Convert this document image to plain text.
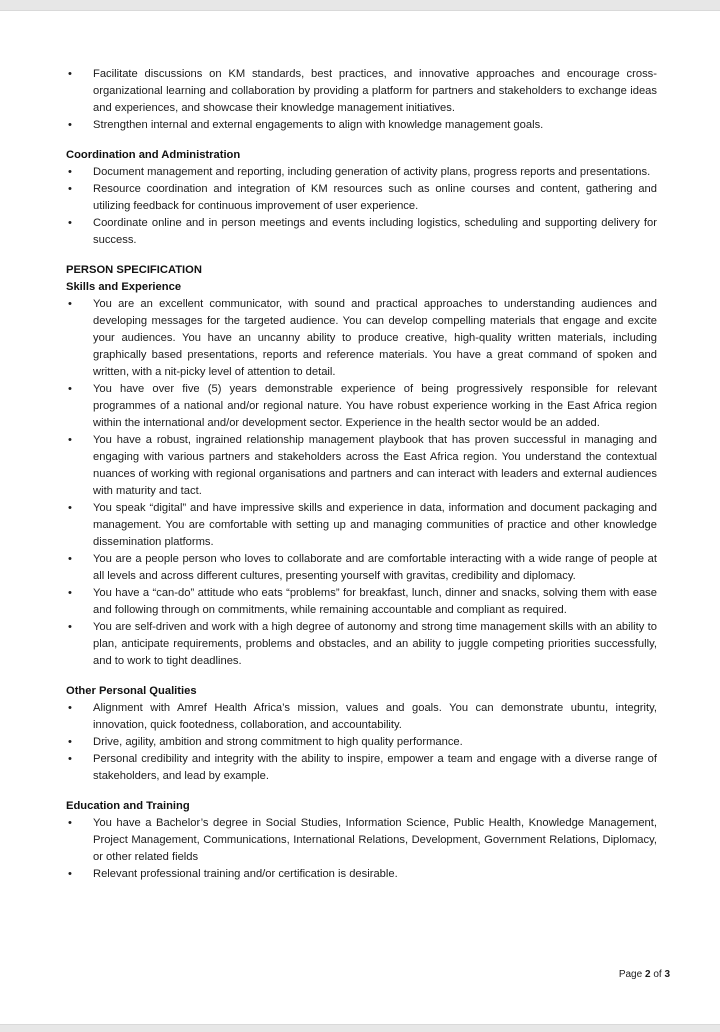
•
Facilitate discussions on KM standards, best practices, and innovative approaches and encourage cross-organizational learning and collaboration by providing a platform for partners and stakeholders to exchange ideas and experiences, and showcase their knowledge management initiatives.
•
Strengthen internal and external engagements to align with knowledge management goals.
Coordination and Administration
•
Document management and reporting, including generation of activity plans, progress reports and presentations.
•
Resource coordination and integration of KM resources such as online courses and content, gathering and utilizing feedback for continuous improvement of user experience.
•
Coordinate online and in person meetings and events including logistics, scheduling and supporting delivery for success.
PERSON SPECIFICATION
Skills and Experience
•
You are an excellent communicator, with sound and practical approaches to understanding audiences and developing messages for the targeted audience. You can develop compelling materials that engage and excite your audiences. You have an uncanny ability to produce creative, high-quality written materials, including graphically based presentations, reports and reference materials. You have a great command of spoken and written, with a nit-picky level of attention to detail.
•
You have over five (5) years demonstrable experience of being progressively responsible for relevant programmes of a national and/or regional nature. You have robust experience working in the East Africa region within the international and/or development sector. Experience in the health sector would be an added.
•
You have a robust, ingrained relationship management playbook that has proven successful in managing and engaging with various partners and stakeholders across the East Africa region. You understand the contextual nuances of working with regional organisations and partners and can interact with leaders and external audiences with maturity and tact.
•
You speak “digital” and have impressive skills and experience in data, information and document packaging and management. You are comfortable with setting up and managing communities of practice and other knowledge dissemination platforms.
•
You are a people person who loves to collaborate and are comfortable interacting with a wide range of people at all levels and across different cultures, presenting yourself with gravitas, credibility and diplomacy.
•
You have a “can-do” attitude who eats “problems” for breakfast, lunch, dinner and snacks, solving them with ease and following through on commitments, while remaining accountable and compliant as required.
•
You are self-driven and work with a high degree of autonomy and strong time management skills with an ability to plan, anticipate requirements, problems and obstacles, and an ability to juggle competing priorities successfully, and to work to tight deadlines.
Other Personal Qualities
•
Alignment with Amref Health Africa’s mission, values and goals. You can demonstrate ubuntu, integrity, innovation, quick footedness, collaboration, and accountability.
•
Drive, agility, ambition and strong commitment to high quality performance.
•
Personal credibility and integrity with the ability to inspire, empower a team and engage with a diverse range of stakeholders, and lead by example.
Education and Training
•
You have a Bachelor’s degree in Social Studies, Information Science, Public Health, Knowledge Management, Project Management, Communications, International Relations, Development, Government Relations, Diplomacy, or other related fields
•
Relevant professional training and/or certification is desirable.
Page 2 of 3
